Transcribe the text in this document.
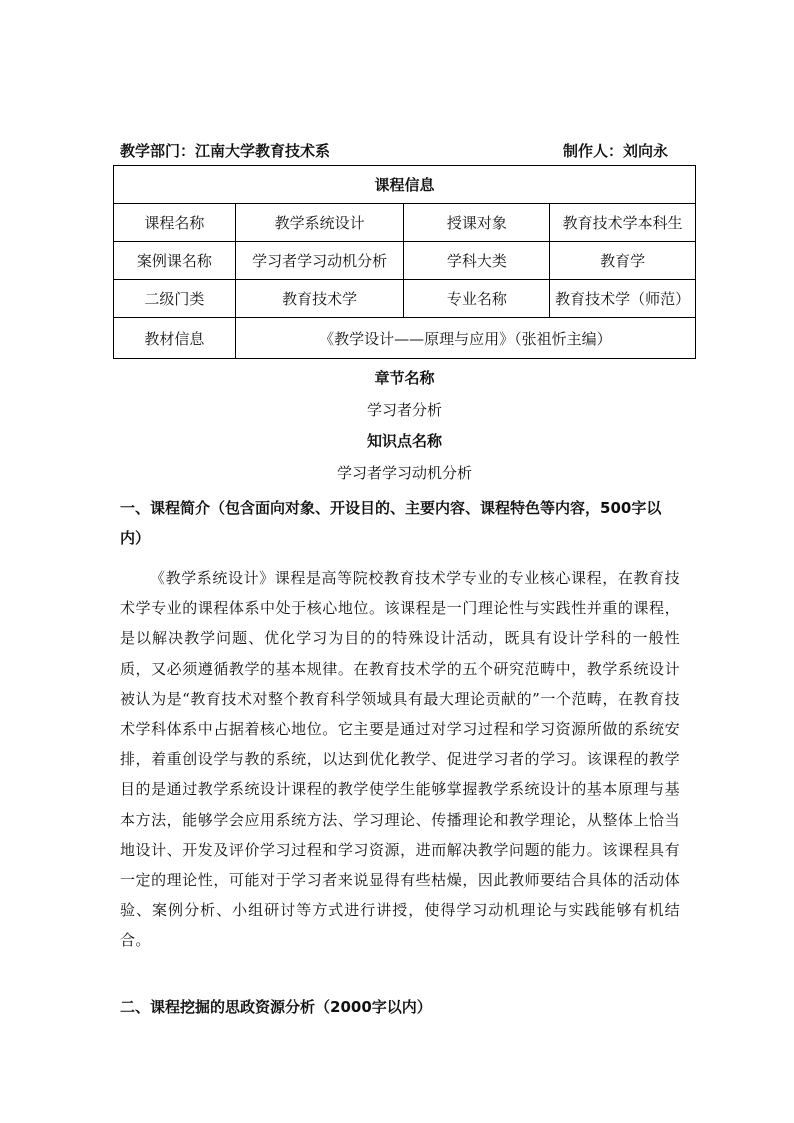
教学部门：江南大学教育技术系	制作人：刘向永
课程信息			
课程名称	教学系统设计	授课对象	教育技术学本科生
案例课名称	学习者学习动机分析	学科大类	教育学
二级门类	教育技术学	专业名称	教育技术学（师范）
教材信息	《教学设计——原理与应用》（张祖忻主编）		
章节名称
学习者分析
知识点名称
学习者学习动机分析
一、课程简介（包含面向对象、开设目的、主要内容、课程特色等内容，500字以内）
《教学系统设计》课程是高等院校教育技术学专业的专业核心课程，在教育技术学专业的课程体系中处于核心地位。该课程是一门理论性与实践性并重的课程，是以解决教学问题、优化学习为目的的特殊设计活动，既具有设计学科的一般性质，又必须遵循教学的基本规律。在教育技术学的五个研究范畴中，教学系统设计被认为是“教育技术对整个教育科学领域具有最大理论贡献的”一个范畴，在教育技术学科体系中占据着核心地位。它主要是通过对学习过程和学习资源所做的系统安排，着重创设学与教的系统，以达到优化教学、促进学习者的学习。该课程的教学目的是通过教学系统设计课程的教学使学生能够掌握教学系统设计的基本原理与基本方法，能够学会应用系统方法、学习理论、传播理论和教学理论，从整体上恰当地设计、开发及评价学习过程和学习资源，进而解决教学问题的能力。该课程具有一定的理论性，可能对于学习者来说显得有些枯燥，因此教师要结合具体的活动体验、案例分析、小组研讨等方式进行讲授，使得学习动机理论与实践能够有机结合。
二、课程挖掘的思政资源分析（2000字以内）
